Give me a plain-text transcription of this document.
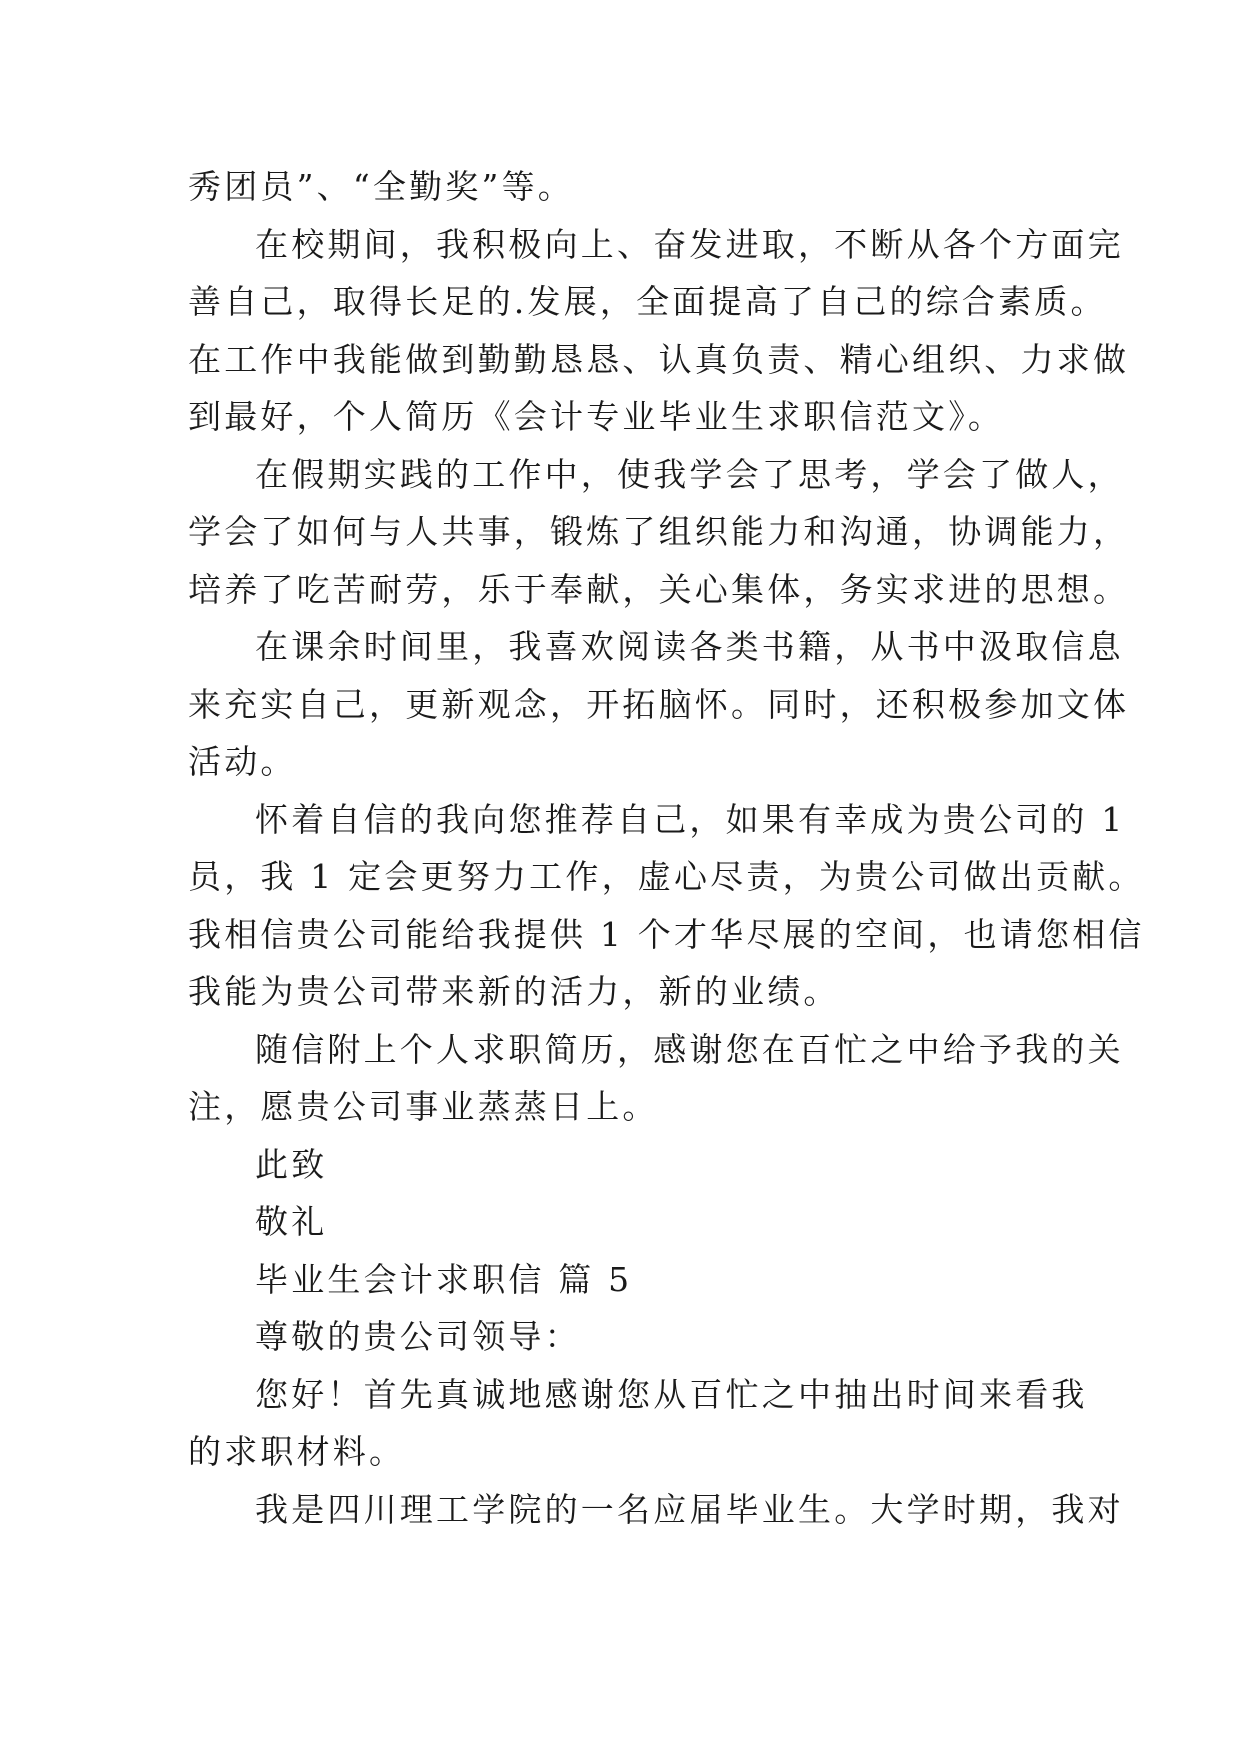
秀团员”、“全勤奖”等。

在校期间，我积极向上、奋发进取，不断从各个方面完

善自己，取得长足的.发展，全面提高了自己的综合素质。

在工作中我能做到勤勤恳恳、认真负责、精心组织、力求做

到最好，个人简历《会计专业毕业生求职信范文》。

在假期实践的工作中，使我学会了思考，学会了做人，

学会了如何与人共事，锻炼了组织能力和沟通，协调能力，

培养了吃苦耐劳，乐于奉献，关心集体，务实求进的思想。

在课余时间里，我喜欢阅读各类书籍，从书中汲取信息

来充实自己，更新观念，开拓脑怀。同时，还积极参加文体

活动。

怀着自信的我向您推荐自己，如果有幸成为贵公司的 1

员，我 1 定会更努力工作，虚心尽责，为贵公司做出贡献。

我相信贵公司能给我提供 1 个才华尽展的空间，也请您相信

我能为贵公司带来新的活力，新的业绩。

随信附上个人求职简历，感谢您在百忙之中给予我的关

注，愿贵公司事业蒸蒸日上。

此致

敬礼

毕业生会计求职信 篇 5

尊敬的贵公司领导：

您好！首先真诚地感谢您从百忙之中抽出时间来看我

的求职材料。

我是四川理工学院的一名应届毕业生。大学时期，我对
